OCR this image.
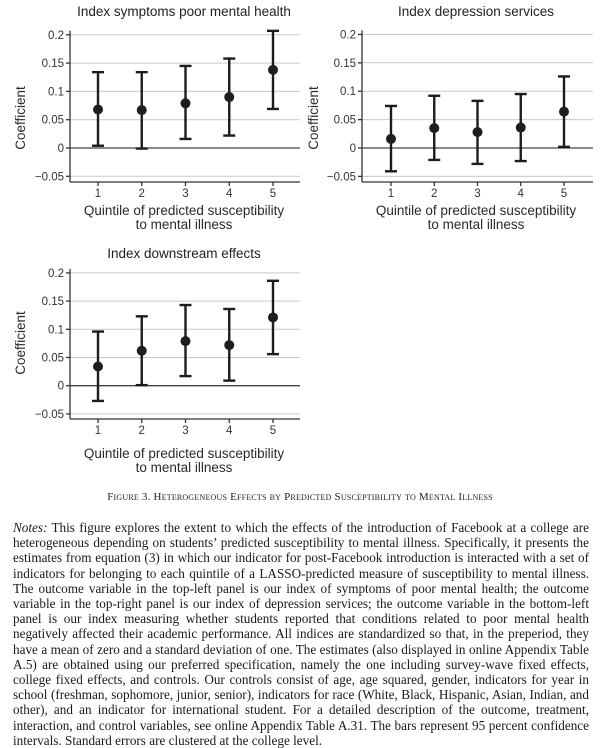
Index symptoms poor mental health
−0.05
0
0.05
0.1
0.15
0.2
1	2	3	4	5
Coefficient
Quintile of predicted susceptibility
to mental illness
Index depression services
−0.05
0
0.05
0.1
0.15
0.2
1	2	3	4	5
Coefficient
Quintile of predicted susceptibility
to mental illness
Index downstream effects
−0.05
0
0.05
0.1
0.15
0.2
1	2	3	4	5
Coefficient
Quintile of predicted susceptibility
to mental illness
Figure 3. Heterogeneous Effects by Predicted Susceptibility to Mental Illness
Notes: This figure explores the extent to which the effects of the introduction of Facebook at a college are heterogeneous depending on students’ predicted susceptibility to mental illness. Specifically, it presents the estimates from equation (3) in which our indicator for post-Facebook introduction is interacted with a set of indicators for belonging to each quintile of a LASSO-predicted measure of susceptibility to mental illness. The outcome variable in the top-left panel is our index of symptoms of poor mental health; the outcome variable in the top-right panel is our index of depression services; the outcome variable in the bottom-left panel is our index measuring whether students reported that conditions related to poor mental health negatively affected their academic performance. All indices are standardized so that, in the preperiod, they have a mean of zero and a standard deviation of one. The estimates (also displayed in online Appendix Table A.5) are obtained using our preferred specification, namely the one including survey-wave fixed effects, college fixed effects, and controls. Our controls consist of age, age squared, gender, indicators for year in school (freshman, sophomore, junior, senior), indicators for race (White, Black, Hispanic, Asian, Indian, and other), and an indicator for international student. For a detailed description of the outcome, treatment, interaction, and control variables, see online Appendix Table A.31. The bars represent 95 percent confidence intervals. Standard errors are clustered at the college level.
